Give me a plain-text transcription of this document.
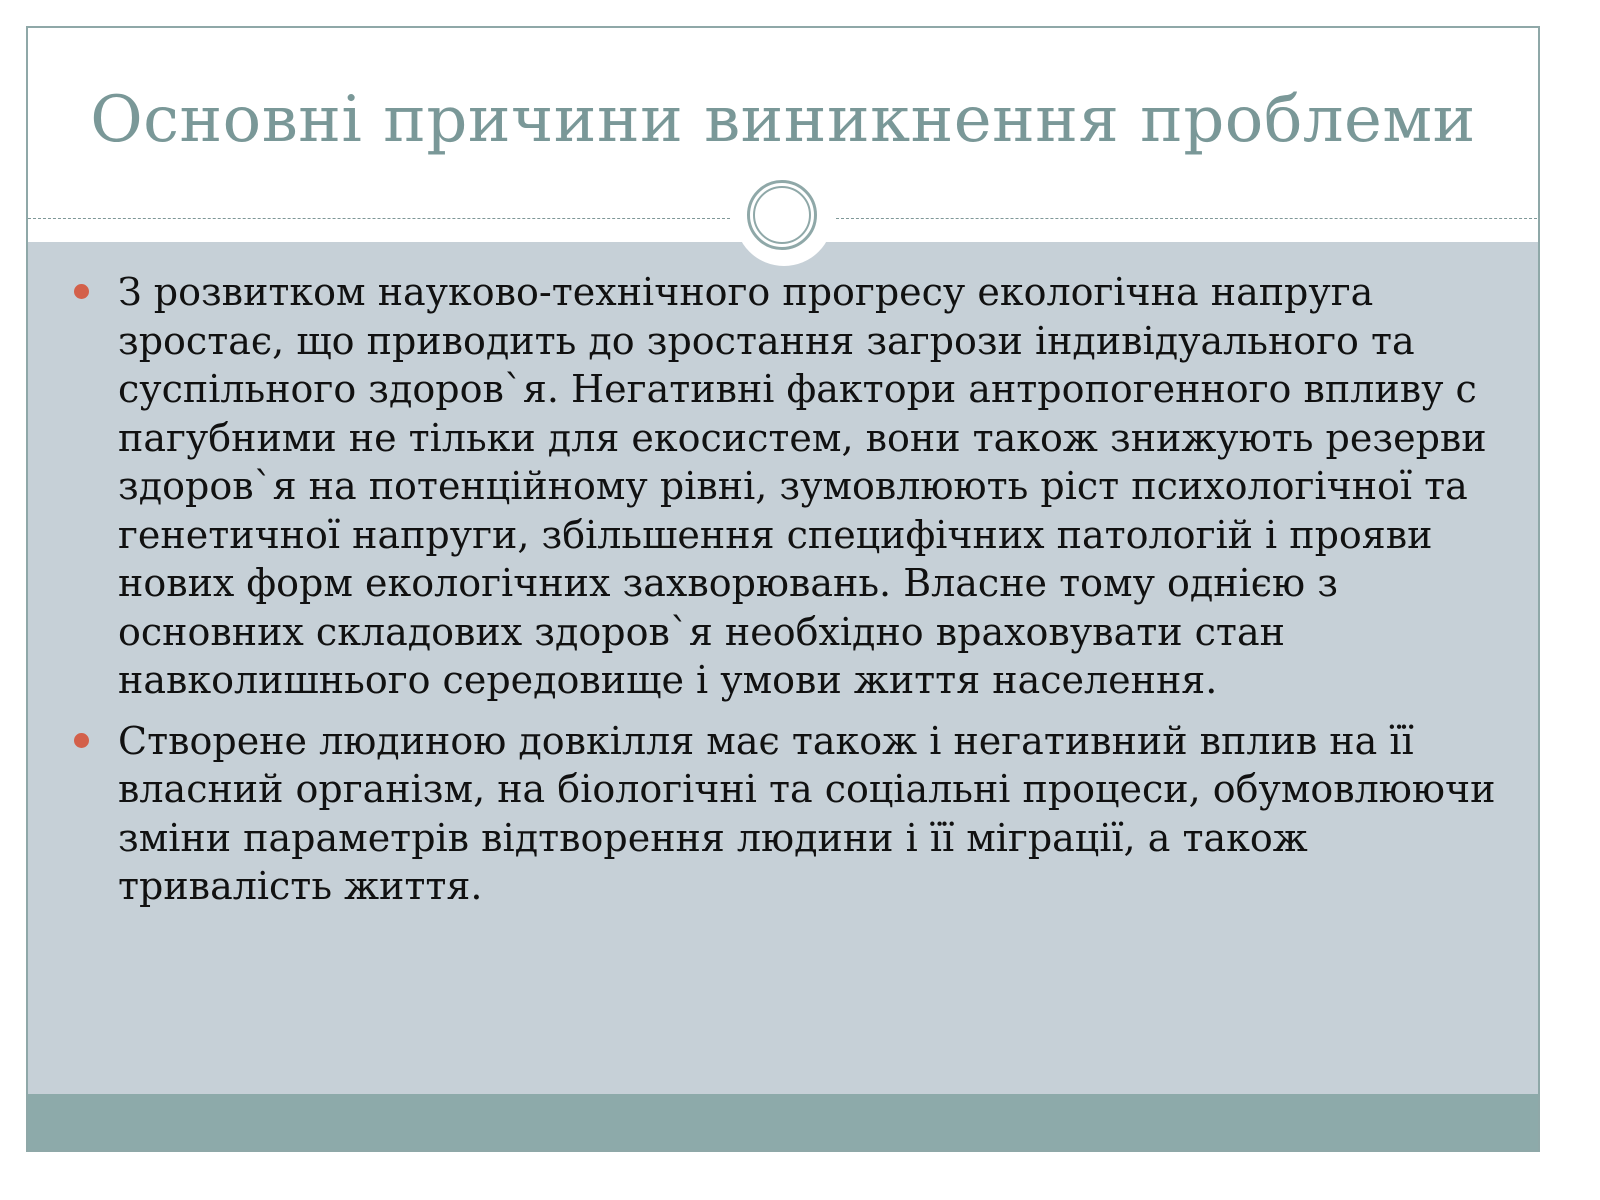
Основні причини виникнення проблеми
З розвитком науково-технічного прогресу екологічна напруга зростає, що приводить до зростання загрози індивідуального та суспільного здоров`я. Негативні фактори антропогенного впливу с пагубними не тільки для екосистем, вони також знижують резерви здоров`я на потенційному рівні, зумовлюють ріст психологічної та генетичної напруги, збільшення специфічних патологій і прояви нових форм екологічних захворювань. Власне тому однією з основних складових здоров`я необхідно враховувати стан навколишнього середовище і умови життя населення.
Створене людиною довкілля має також і негативний вплив на її власний організм, на біологічні та соціальні процеси, обумовлюючи зміни параметрів відтворення людини і її міграції, а також тривалість життя.
